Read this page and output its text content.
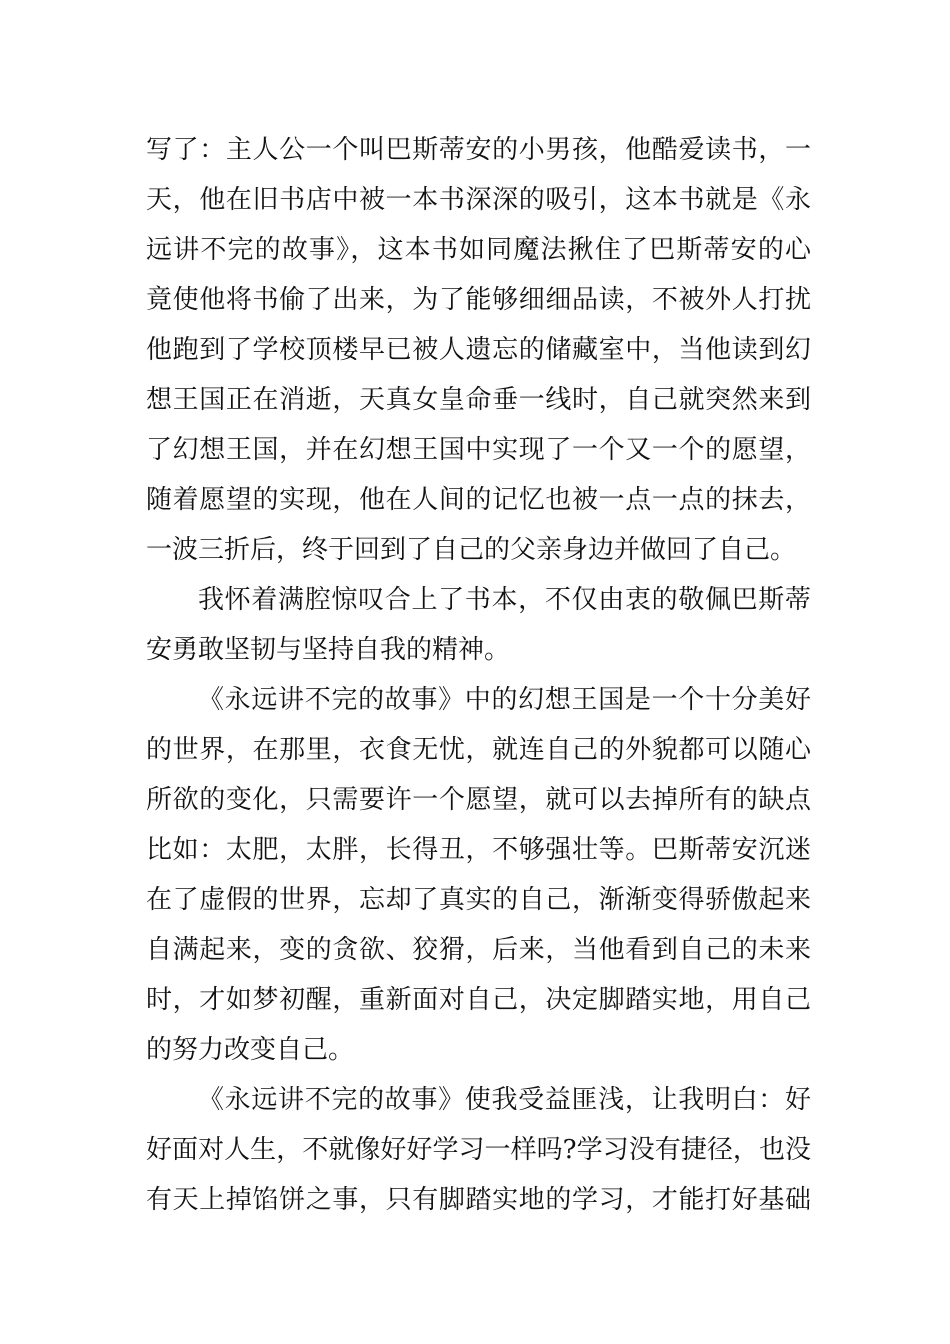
写了：主人公一个叫巴斯蒂安的小男孩，他酷爱读书，一
天，他在旧书店中被一本书深深的吸引，这本书就是《永
远讲不完的故事》，这本书如同魔法揪住了巴斯蒂安的心
竟使他将书偷了出来，为了能够细细品读，不被外人打扰
他跑到了学校顶楼早已被人遗忘的储藏室中，当他读到幻
想王国正在消逝，天真女皇命垂一线时，自己就突然来到
了幻想王国，并在幻想王国中实现了一个又一个的愿望，
随着愿望的实现，他在人间的记忆也被一点一点的抹去，
一波三折后，终于回到了自己的父亲身边并做回了自己。
我怀着满腔惊叹合上了书本，不仅由衷的敬佩巴斯蒂
安勇敢坚韧与坚持自我的精神。
《永远讲不完的故事》中的幻想王国是一个十分美好
的世界，在那里，衣食无忧，就连自己的外貌都可以随心
所欲的变化，只需要许一个愿望，就可以去掉所有的缺点
比如：太肥，太胖，长得丑，不够强壮等。巴斯蒂安沉迷
在了虚假的世界，忘却了真实的自己，渐渐变得骄傲起来
自满起来，变的贪欲、狡猾，后来，当他看到自己的未来
时，才如梦初醒，重新面对自己，决定脚踏实地，用自己
的努力改变自己。
《永远讲不完的故事》使我受益匪浅，让我明白：好
好面对人生，不就像好好学习一样吗?学习没有捷径，也没
有天上掉馅饼之事，只有脚踏实地的学习，才能打好基础
